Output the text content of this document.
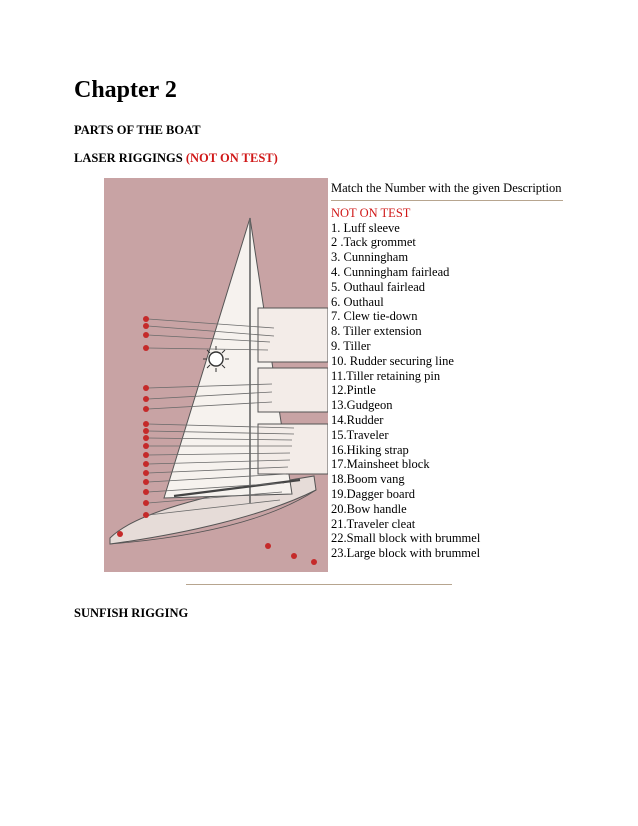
Chapter 2
PARTS OF THE BOAT
LASER RIGGINGS (NOT ON TEST)

Match the Number with the given Description

NOT ON TEST
1. Luff sleeve
2 .Tack grommet
3. Cunningham
4. Cunningham fairlead
5. Outhaul fairlead
6. Outhaul
7. Clew tie-down
8. Tiller extension
9. Tiller
10. Rudder securing line
11.Tiller retaining pin
12.Pintle
13.Gudgeon
14.Rudder
15.Traveler
16.Hiking strap
17.Mainsheet block
18.Boom vang
19.Dagger board
20.Bow handle
21.Traveler cleat
22.Small block with brummel
23.Large block with brummel
SUNFISH RIGGING
